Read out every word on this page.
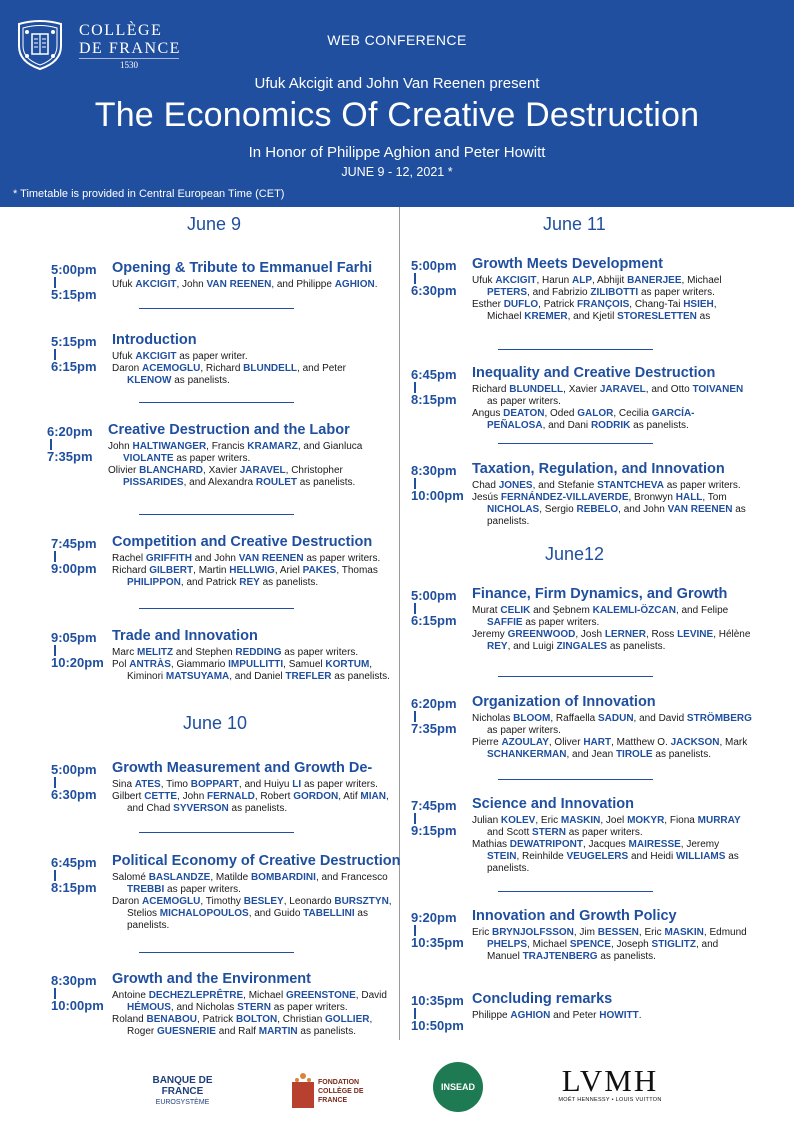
COLLÈGE
DE FRANCE
1530
WEB CONFERENCE
Ufuk Akcigit and John Van Reenen present
The Economics Of Creative Destruction
In Honor of Philippe Aghion and Peter Howitt
JUNE 9 - 12, 2021 *
* Timetable is provided in Central European Time (CET)
June 9
June 10
June 11
June12
5:00pm
5:15pm
Opening & Tribute to Emmanuel Farhi

Ufuk AKCIGIT, John VAN REENEN, and Philippe AGHION.

5:15pm
6:15pm
Introduction

Ufuk AKCIGIT as paper writer.

Daron ACEMOGLU, Richard BLUNDELL, and Peter KLENOW as panelists.

6:20pm
7:35pm
Creative Destruction and the Labor

John HALTIWANGER, Francis KRAMARZ, and Gianluca VIOLANTE as paper writers.

Olivier BLANCHARD, Xavier JARAVEL, Christopher PISSARIDES, and Alexandra ROULET as panelists.

7:45pm
9:00pm
Competition and Creative Destruction

Rachel GRIFFITH and John VAN REENEN as paper writers.

Richard GILBERT, Martin HELLWIG, Ariel PAKES, Thomas PHILIPPON, and Patrick REY as panelists.

9:05pm
10:20pm
Trade and Innovation

Marc MELITZ and Stephen REDDING as paper writers.

Pol ANTRÀS, Giammario IMPULLITTI, Samuel KORTUM, Kiminori MATSUYAMA, and Daniel TREFLER as panelists.

5:00pm
6:30pm
Growth Measurement and Growth De-

Sina ATES, Timo BOPPART, and Huiyu LI as paper writers.

Gilbert CETTE, John FERNALD, Robert GORDON, Atif MIAN, and Chad SYVERSON as panelists.

6:45pm
8:15pm
Political Economy of Creative Destruction

Salomé BASLANDZE, Matilde BOMBARDINI, and Francesco TREBBI as paper writers.

Daron ACEMOGLU, Timothy BESLEY, Leonardo BURSZTYN, Stelios MICHALOPOULOS, and Guido TABELLINI as panelists.

8:30pm
10:00pm
Growth and the Environment

Antoine DECHEZLEPRÊTRE, Michael GREENSTONE, David HÉMOUS, and Nicholas STERN as paper writers.

Roland BENABOU, Patrick BOLTON, Christian GOLLIER, Roger GUESNERIE and Ralf MARTIN as panelists.

5:00pm
6:30pm
Growth Meets Development

Ufuk AKCIGIT, Harun ALP, Abhijit BANERJEE, Michael PETERS, and Fabrizio ZILIBOTTI as paper writers.

Esther DUFLO, Patrick FRANÇOIS, Chang-Tai HSIEH, Michael KREMER, and Kjetil STORESLETTEN as

6:45pm
8:15pm
Inequality and Creative Destruction

Richard BLUNDELL, Xavier JARAVEL, and Otto TOIVANEN as paper writers.

Angus DEATON, Oded GALOR, Cecilia GARCÍA-PEÑALOSA, and Dani RODRIK as panelists.

8:30pm
10:00pm
Taxation, Regulation, and Innovation

Chad JONES, and Stefanie STANTCHEVA as paper writers.

Jesús FERNÁNDEZ-VILLAVERDE, Bronwyn HALL, Tom NICHOLAS, Sergio REBELO, and John VAN REENEN as panelists.

5:00pm
6:15pm
Finance, Firm Dynamics, and Growth

Murat CELIK and Şebnem KALEMLI-ÖZCAN, and Felipe SAFFIE as paper writers.

Jeremy GREENWOOD, Josh LERNER, Ross LEVINE, Hélène REY, and Luigi ZINGALES as panelists.

6:20pm
7:35pm
Organization of Innovation

Nicholas BLOOM, Raffaella SADUN, and David STRÖMBERG as paper writers.

Pierre AZOULAY, Oliver HART, Matthew O. JACKSON, Mark SCHANKERMAN, and Jean TIROLE as panelists.

7:45pm
9:15pm
Science and Innovation

Julian KOLEV, Eric MASKIN, Joel MOKYR, Fiona MURRAY and Scott STERN as paper writers.

Mathias DEWATRIPONT, Jacques MAIRESSE, Jeremy STEIN, Reinhilde VEUGELERS and Heidi WILLIAMS as panelists.

9:20pm
10:35pm
Innovation and Growth Policy

Eric BRYNJOLFSSON, Jim BESSEN, Eric MASKIN, Edmund PHELPS, Michael SPENCE, Joseph STIGLITZ, and Manuel TRAJTENBERG as panelists.

10:35pm
10:50pm
Concluding remarks

Philippe AGHION and Peter HOWITT.

BANQUE DE FRANCE
EUROSYSTÈME
FONDATION COLLÈGE DE FRANCE
INSEAD	LVMH
MOËT HENNESSY • LOUIS VUITTON
